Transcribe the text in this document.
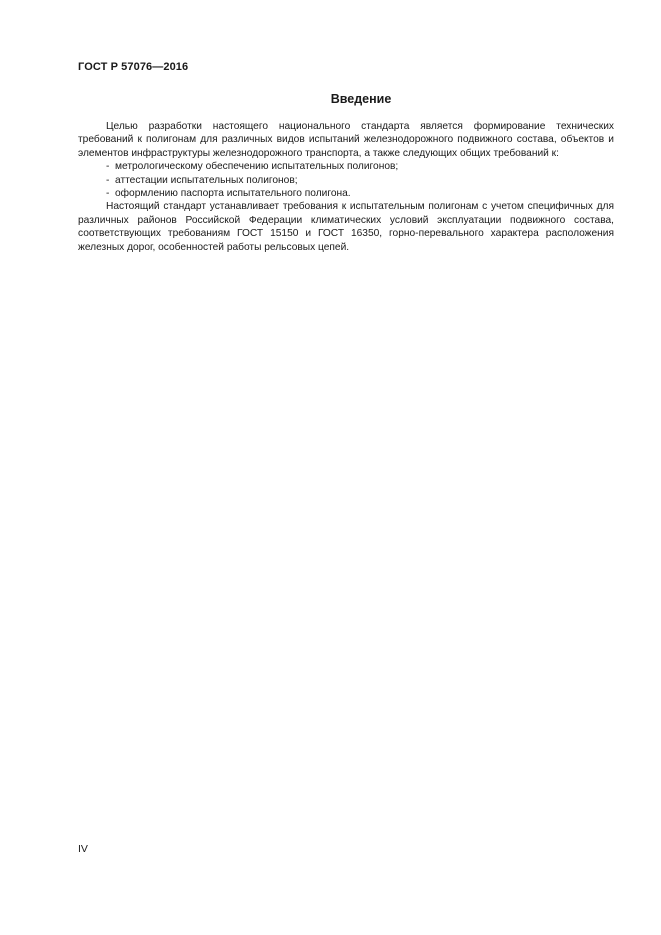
ГОСТ Р 57076—2016
Введение

Целью разработки настоящего национального стандарта является формирование технических требований к полигонам для различных видов испытаний железнодорожного подвижного состава, объектов и элементов инфраструктуры железнодорожного транспорта, а также следующих общих требований к:

- метрологическому обеспечению испытательных полигонов;
- аттестации испытательных полигонов;
- оформлению паспорта испытательного полигона.

Настоящий стандарт устанавливает требования к испытательным полигонам с учетом специфичных для различных районов Российской Федерации климатических условий эксплуатации подвижного состава, соответствующих требованиям ГОСТ 15150 и ГОСТ 16350, горно-перевального характера расположения железных дорог, особенностей работы рельсовых цепей.

IV
